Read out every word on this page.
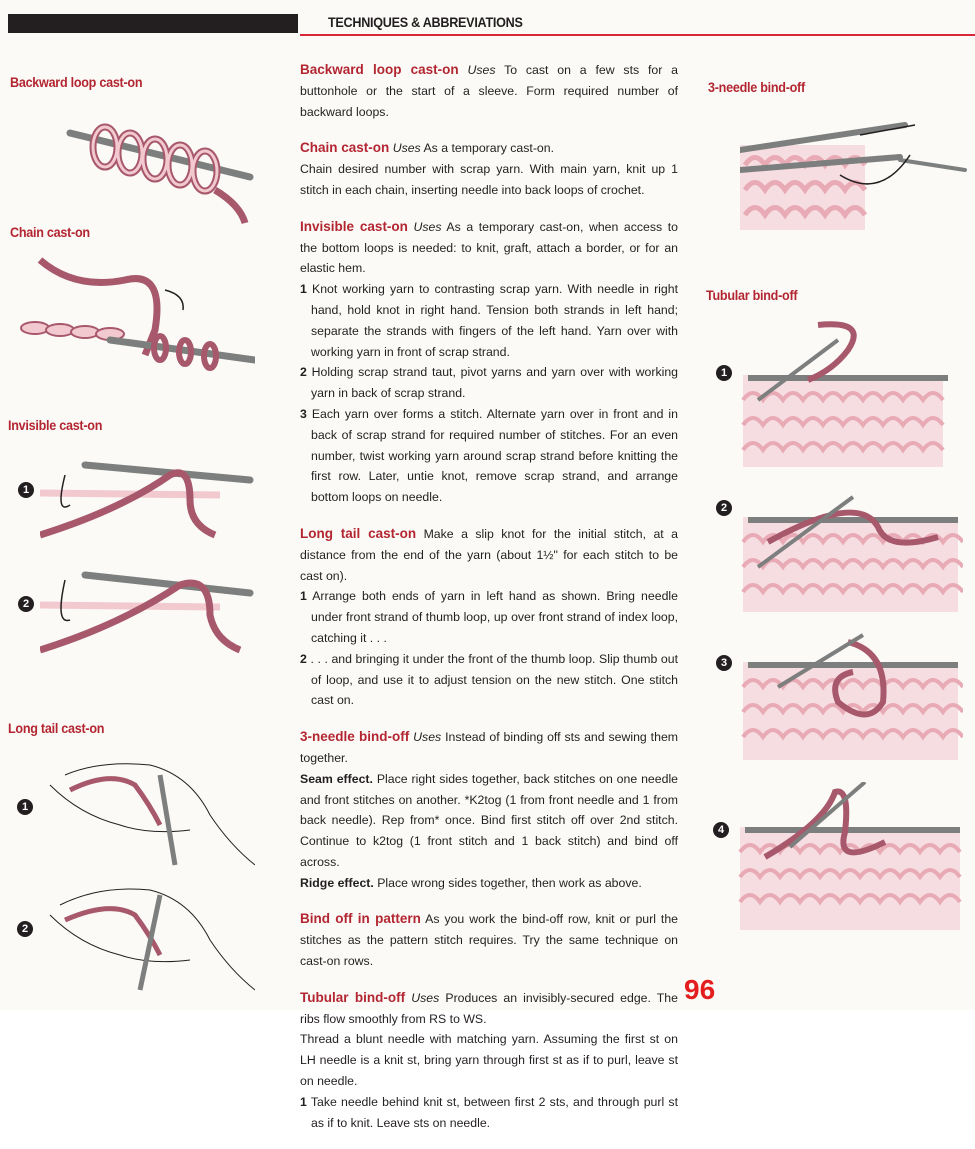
TECHNIQUES & ABBREVIATIONS
Backward loop cast-on
Chain cast-on
Invisible cast-on
1
2
Long tail cast-on
1
2

Backward loop cast-on Uses To cast on a few sts for a buttonhole or the start of a sleeve. Form required number of backward loops.

Chain cast-on Uses As a temporary cast-on.
Chain desired number with scrap yarn. With main yarn, knit up 1 stitch in each chain, inserting needle into back loops of crochet.

Invisible cast-on Uses As a temporary cast-on, when access to the bottom loops is needed: to knit, graft, attach a border, or for an elastic hem.
1 Knot working yarn to contrasting scrap yarn. With needle in right hand, hold knot in right hand. Tension both strands in left hand; separate the strands with fingers of the left hand. Yarn over with working yarn in front of scrap strand.
2 Holding scrap strand taut, pivot yarns and yarn over with working yarn in back of scrap strand.
3 Each yarn over forms a stitch. Alternate yarn over in front and in back of scrap strand for required number of stitches. For an even number, twist working yarn around scrap strand before knitting the first row. Later, untie knot, remove scrap strand, and arrange bottom loops on needle.

Long tail cast-on Make a slip knot for the initial stitch, at a distance from the end of the yarn (about 1½" for each stitch to be cast on).
1 Arrange both ends of yarn in left hand as shown. Bring needle under front strand of thumb loop, up over front strand of index loop, catching it . . .
2 . . . and bringing it under the front of the thumb loop. Slip thumb out of loop, and use it to adjust tension on the new stitch. One stitch cast on.

3-needle bind-off Uses Instead of binding off sts and sewing them together.
Seam effect. Place right sides together, back stitches on one needle and front stitches on another. *K2tog (1 from front needle and 1 from back needle). Rep from* once. Bind first stitch off over 2nd stitch. Continue to k2tog (1 front stitch and 1 back stitch) and bind off across.
Ridge effect. Place wrong sides together, then work as above.

Bind off in pattern As you work the bind-off row, knit or purl the stitches as the pattern stitch requires. Try the same technique on cast-on rows.

Tubular bind-off Uses Produces an invisibly-secured edge. The ribs flow smoothly from RS to WS.
Thread a blunt needle with matching yarn. Assuming the first st on LH needle is a knit st, bring yarn through first st as if to purl, leave st on needle.
1 Take needle behind knit st, between first 2 sts, and through purl st as if to knit. Leave sts on needle.

3-needle bind-off
Tubular bind-off
1
2
3
4
96
